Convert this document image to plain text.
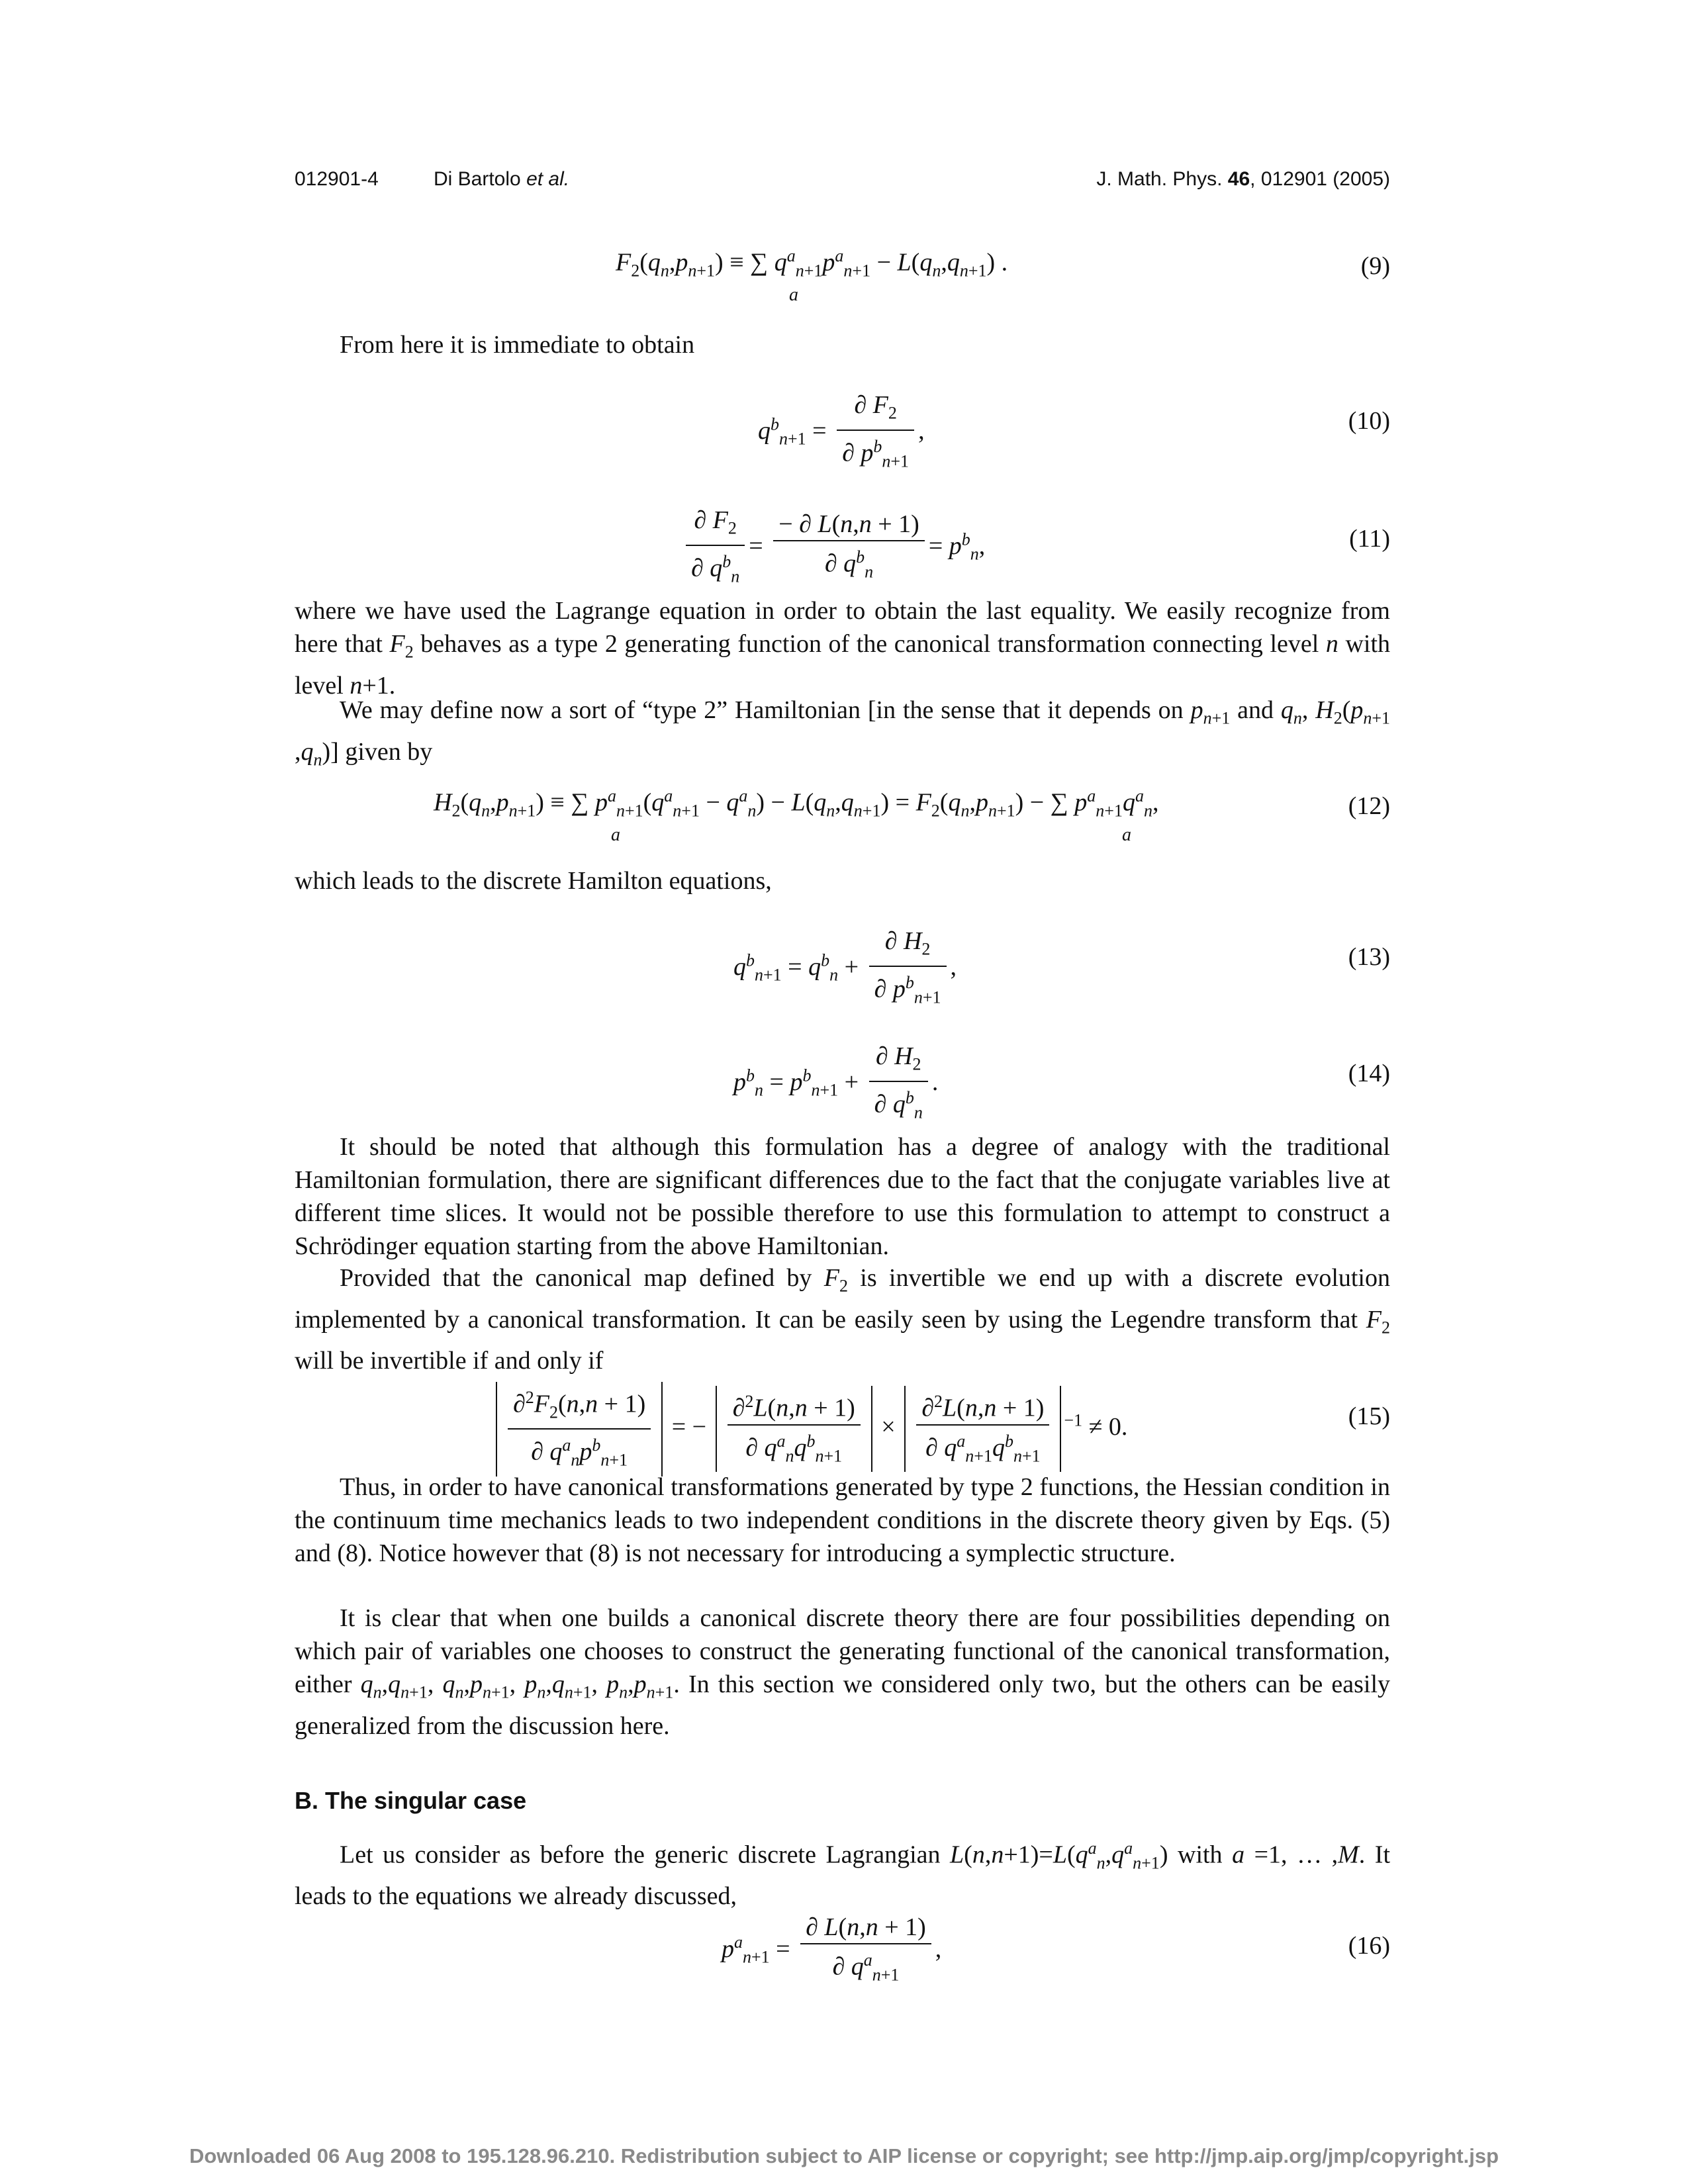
012901-4	Di Bartolo et al.	J. Math. Phys. 46, 012901 (2005)
$F_2(q_n,p_{n+1})$ ≡ ∑ $q^a_{n+1}p^a_{n+1} - L(q_n,q_{n+1})$ .
a
(9)
From here it is immediate to obtain
$q^b_{n+1} = \frac{\partial F_2}{\partial p^b_{n+1}}$ ,	(10)
$\frac{\partial F_2}{\partial q^b_n} = \frac{- \partial L(n,n + 1)}{\partial q^b_n} = p^b_n$,	(11)
where we have used the Lagrange equation in order to obtain the last equality. We easily recognize from here that $F_2$ behaves as a type 2 generating function of the canonical transformation connecting level n with level n+1.
We may define now a sort of “type 2” Hamiltonian [in the sense that it depends on $p_{n+1}$ and $q_n$, $H_2(p_{n+1}$ $,q_n$)] given by
$H_2(q_n,p_{n+1})$ ≡ ∑ $p^a_{n+1}(q^a_{n+1} - q^a_n) - L(q_n,q_{n+1}) = F_2(q_n,p_{n+1})$ − ∑ $p^a_{n+1}q^a_n$,
a	a
(12)
which leads to the discrete Hamilton equations,
$q^b_{n+1} = q^b_n + \frac{\partial H_2}{\partial p^b_{n+1}}$ ,	(13)
$p^b_n = p^b_{n+1} + \frac{\partial H_2}{\partial q^b_n}$ .	(14)
It should be noted that although this formulation has a degree of analogy with the traditional Hamiltonian formulation, there are significant differences due to the fact that the conjugate variables live at different time slices. It would not be possible therefore to use this formulation to attempt to construct a Schrödinger equation starting from the above Hamiltonian.
Provided that the canonical map defined by $F_2$ is invertible we end up with a discrete evolution implemented by a canonical transformation. It can be easily seen by using the Legendre transform that $F_2$ will be invertible if and only if
$\frac{\partial^2F_2(n,n + 1)}{\partial q^a_np^b_{n+1}}$ = − $\frac{\partial^2L(n,n + 1)}{\partial q^a_nq^b_{n+1}} \times \frac{\partial^2L(n,n + 1)}{\partial q^a_{n+1}q^b_{n+1}} ^{-1} \ne 0$.	(15)
Thus, in order to have canonical transformations generated by type 2 functions, the Hessian condition in the continuum time mechanics leads to two independent conditions in the discrete theory given by Eqs. (5) and (8). Notice however that (8) is not necessary for introducing a symplectic structure.
It is clear that when one builds a canonical discrete theory there are four possibilities depending on which pair of variables one chooses to construct the generating functional of the canonical transformation, either $q_n,q_{n+1}$, $q_n,p_{n+1}$, $p_n,q_{n+1}$, $p_n,p_{n+1}$. In this section we considered only two, but the others can be easily generalized from the discussion here.
B. The singular case
Let us consider as before the generic discrete Lagrangian $L(n,n+1)=L(q^a_n,q^a_{n+1})$ with a =1, … ,M. It leads to the equations we already discussed,
$p^a_{n+1} = \frac{\partial L(n,n + 1)}{\partial q^a_{n+1}}$ ,	(16)
Downloaded 06 Aug 2008 to 195.128.96.210. Redistribution subject to AIP license or copyright; see http://jmp.aip.org/jmp/copyright.jsp
